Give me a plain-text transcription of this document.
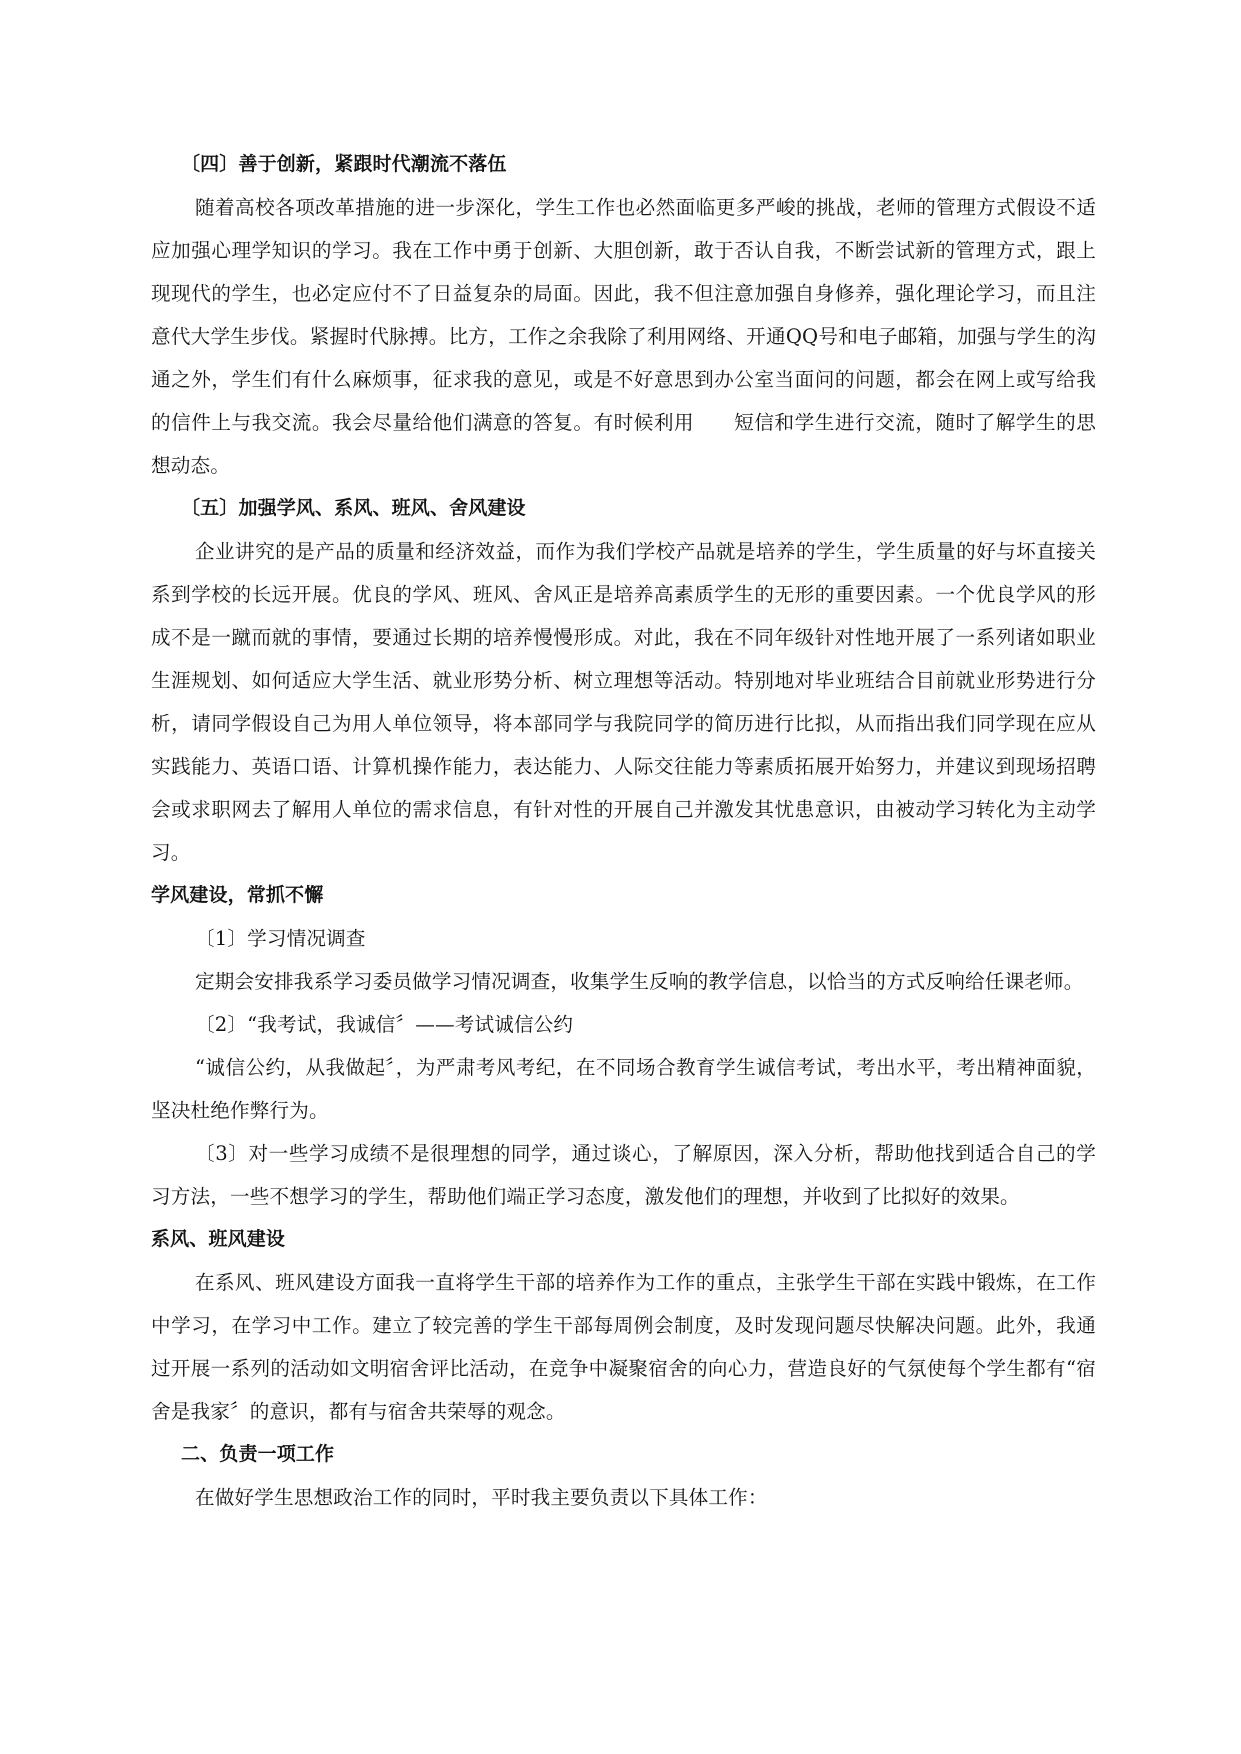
〔四〕善于创新，紧跟时代潮流不落伍

随着高校各项改革措施的进一步深化，学生工作也必然面临更多严峻的挑战，老师的管理方式假设不适应加强心理学知识的学习。我在工作中勇于创新、大胆创新，敢于否认自我，不断尝试新的管理方式，跟上现现代的学生，也必定应付不了日益复杂的局面。因此，我不但注意加强自身修养，强化理论学习，而且注意代大学生步伐。紧握时代脉搏。比方，工作之余我除了利用网络、开通QQ号和电子邮箱，加强与学生的沟通之外，学生们有什么麻烦事，征求我的意见，或是不好意思到办公室当面问的问题，都会在网上或写给我的信件上与我交流。我会尽量给他们满意的答复。有时候利用　　短信和学生进行交流，随时了解学生的思想动态。

〔五〕加强学风、系风、班风、舍风建设

企业讲究的是产品的质量和经济效益，而作为我们学校产品就是培养的学生，学生质量的好与坏直接关系到学校的长远开展。优良的学风、班风、舍风正是培养高素质学生的无形的重要因素。一个优良学风的形成不是一蹴而就的事情，要通过长期的培养慢慢形成。对此，我在不同年级针对性地开展了一系列诸如职业生涯规划、如何适应大学生活、就业形势分析、树立理想等活动。特别地对毕业班结合目前就业形势进行分析，请同学假设自己为用人单位领导，将本部同学与我院同学的简历进行比拟，从而指出我们同学现在应从实践能力、英语口语、计算机操作能力，表达能力、人际交往能力等素质拓展开始努力，并建议到现场招聘会或求职网去了解用人单位的需求信息，有针对性的开展自己并激发其忧患意识，由被动学习转化为主动学习。

学风建设，常抓不懈

〔1〕学习情况调查

定期会安排我系学习委员做学习情况调查，收集学生反响的教学信息，以恰当的方式反响给任课老师。

〔2〕“我考试，我诚信〞——考试诚信公约

“诚信公约，从我做起〞，为严肃考风考纪，在不同场合教育学生诚信考试，考出水平，考出精神面貌，坚决杜绝作弊行为。

〔3〕对一些学习成绩不是很理想的同学，通过谈心，了解原因，深入分析，帮助他找到适合自己的学习方法，一些不想学习的学生，帮助他们端正学习态度，激发他们的理想，并收到了比拟好的效果。

系风、班风建设

在系风、班风建设方面我一直将学生干部的培养作为工作的重点，主张学生干部在实践中锻炼，在工作中学习，在学习中工作。建立了较完善的学生干部每周例会制度，及时发现问题尽快解决问题。此外，我通过开展一系列的活动如文明宿舍评比活动，在竞争中凝聚宿舍的向心力，营造良好的气氛使每个学生都有“宿舍是我家〞的意识，都有与宿舍共荣辱的观念。

二、负责一项工作

在做好学生思想政治工作的同时，平时我主要负责以下具体工作：
